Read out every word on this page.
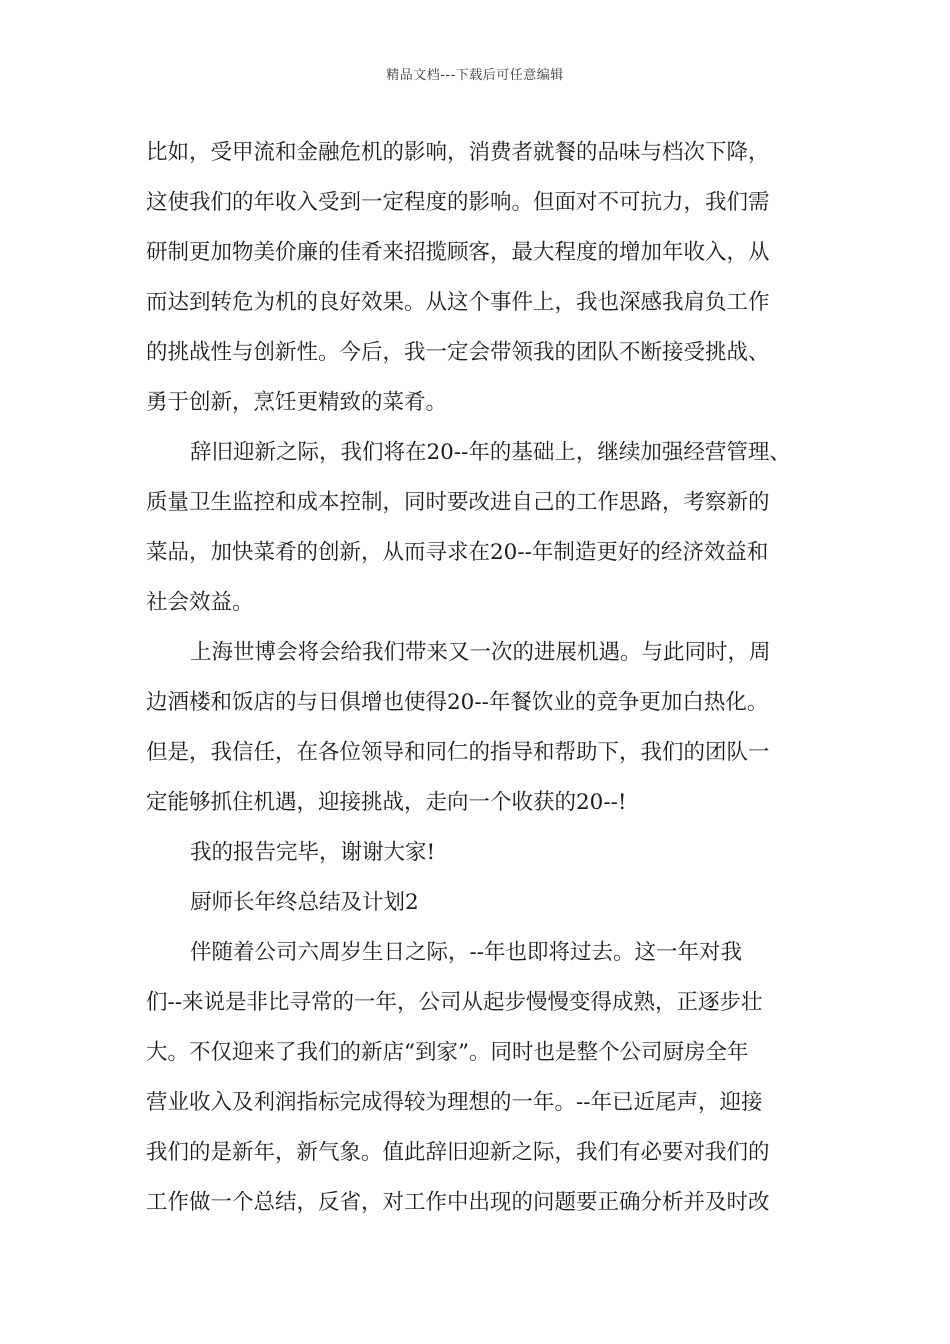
精品文档---下载后可任意编辑
比如，受甲流和金融危机的影响，消费者就餐的品味与档次下降，
这使我们的年收入受到一定程度的影响。但面对不可抗力，我们需
研制更加物美价廉的佳肴来招揽顾客，最大程度的增加年收入，从
而达到转危为机的良好效果。从这个事件上，我也深感我肩负工作
的挑战性与创新性。今后，我一定会带领我的团队不断接受挑战、
勇于创新，烹饪更精致的菜肴。
辞旧迎新之际，我们将在20--年的基础上，继续加强经营管理、
质量卫生监控和成本控制，同时要改进自己的工作思路，考察新的
菜品，加快菜肴的创新，从而寻求在20--年制造更好的经济效益和
社会效益。
上海世博会将会给我们带来又一次的进展机遇。与此同时，周
边酒楼和饭店的与日俱增也使得20--年餐饮业的竞争更加白热化。
但是，我信任，在各位领导和同仁的指导和帮助下，我们的团队一
定能够抓住机遇，迎接挑战，走向一个收获的20--!
我的报告完毕，谢谢大家!
厨师长年终总结及计划2
伴随着公司六周岁生日之际，--年也即将过去。这一年对我
们--来说是非比寻常的一年，公司从起步慢慢变得成熟，正逐步壮
大。不仅迎来了我们的新店“到家”。同时也是整个公司厨房全年
营业收入及利润指标完成得较为理想的一年。--年已近尾声，迎接
我们的是新年，新气象。值此辞旧迎新之际，我们有必要对我们的
工作做一个总结，反省，对工作中出现的问题要正确分析并及时改
